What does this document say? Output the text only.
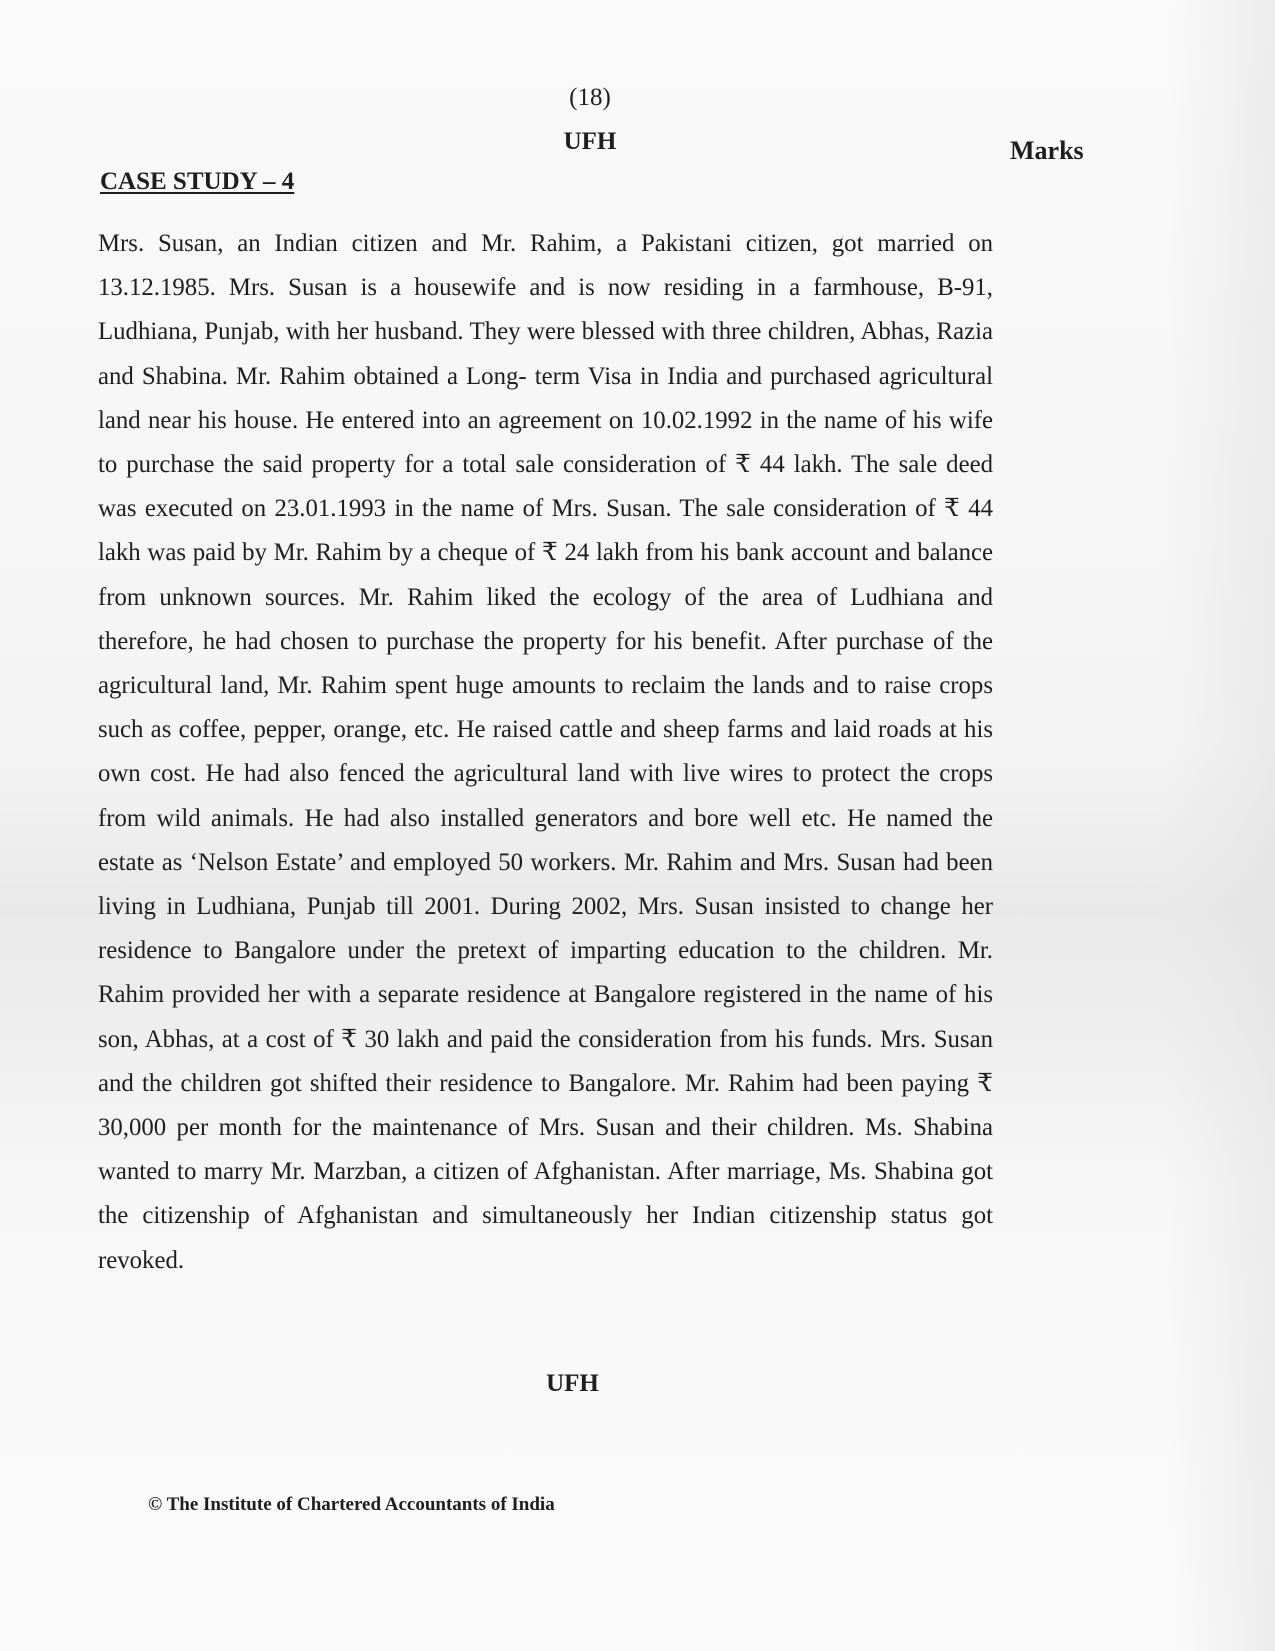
(18)
UFH	Marks
CASE STUDY – 4

Mrs. Susan, an Indian citizen and Mr. Rahim, a Pakistani citizen, got married on 13.12.1985. Mrs. Susan is a housewife and is now residing in a farmhouse, B-91, Ludhiana, Punjab, with her husband. They were blessed with three children, Abhas, Razia and Shabina. Mr. Rahim obtained a Long- term Visa in India and purchased agricultural land near his house. He entered into an agreement on 10.02.1992 in the name of his wife to purchase the said property for a total sale consideration of ₹ 44 lakh. The sale deed was executed on 23.01.1993 in the name of Mrs. Susan. The sale consideration of ₹ 44 lakh was paid by Mr. Rahim by a cheque of ₹ 24 lakh from his bank account and balance from unknown sources. Mr. Rahim liked the ecology of the area of Ludhiana and therefore, he had chosen to purchase the property for his benefit. After purchase of the agricultural land, Mr. Rahim spent huge amounts to reclaim the lands and to raise crops such as coffee, pepper, orange, etc. He raised cattle and sheep farms and laid roads at his own cost. He had also fenced the agricultural land with live wires to protect the crops from wild animals. He had also installed generators and bore well etc. He named the estate as ‘Nelson Estate’ and employed 50 workers. Mr. Rahim and Mrs. Susan had been living in Ludhiana, Punjab till 2001. During 2002, Mrs. Susan insisted to change her residence to Bangalore under the pretext of imparting education to the children. Mr. Rahim provided her with a separate residence at Bangalore registered in the name of his son, Abhas, at a cost of ₹ 30 lakh and paid the consideration from his funds. Mrs. Susan and the children got shifted their residence to Bangalore. Mr. Rahim had been paying ₹ 30,000 per month for the maintenance of Mrs. Susan and their children. Ms. Shabina wanted to marry Mr. Marzban, a citizen of Afghanistan. After marriage, Ms. Shabina got the citizenship of Afghanistan and simultaneously her Indian citizenship status got revoked.

UFH
© The Institute of Chartered Accountants of India
